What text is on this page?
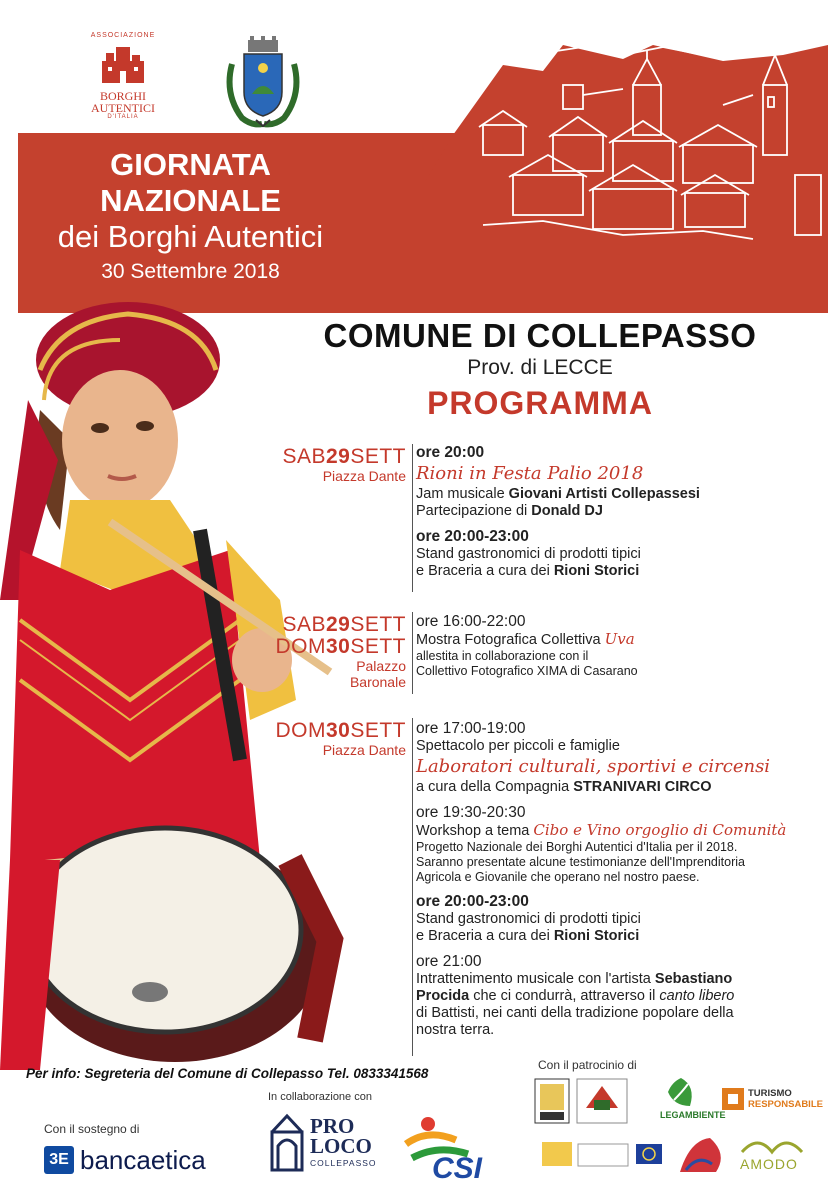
ASSOCIAZIONE
BORGHI
AUTENTICI
D'ITALIA
GIORNATA
NAZIONALE
dei Borghi Autentici
30 Settembre 2018
COMUNE DI COLLEPASSO
Prov. di LECCE
PROGRAMMA
SAB29SETT
Piazza Dante
SAB29SETT
DOM30SETT
Palazzo
Baronale
DOM30SETT
Piazza Dante
ore 20:00
Rioni in Festa Palio 2018
Jam musicale Giovani Artisti Collepassesi
Partecipazione di Donald DJ
ore 20:00-23:00
Stand gastronomici di prodotti tipici
e Braceria a cura dei Rioni Storici
ore 16:00-22:00
Mostra Fotografica Collettiva Uva
allestita in collaborazione con il
Collettivo Fotografico XIMA di Casarano
ore 17:00-19:00
Spettacolo per piccoli e famiglie
Laboratori culturali, sportivi e circensi
a cura della Compagnia STRANIVARI CIRCO
ore 19:30-20:30
Workshop a tema Cibo e Vino orgoglio di Comunità
Progetto Nazionale dei Borghi Autentici d'Italia per il 2018.
Saranno presentate alcune testimonianze dell'Imprenditoria
Agricola e Giovanile che operano nel nostro paese.
ore 20:00-23:00
Stand gastronomici di prodotti tipici
e Braceria a cura dei Rioni Storici
ore 21:00
Intrattenimento musicale con l'artista Sebastiano
Procida che ci condurrà, attraverso il canto libero
di Battisti, nei canti della tradizione popolare della
nostra terra.
Per info: Segreteria del Comune di Collepasso Tel. 0833341568
Con il patrocinio di
In collaborazione con
Con il sostegno di
3E bancaetica
PRO
LOCO
COLLEPASSO CSI
LEGAMBIENTE
TURISMO
RESPONSABILE
AMODO
